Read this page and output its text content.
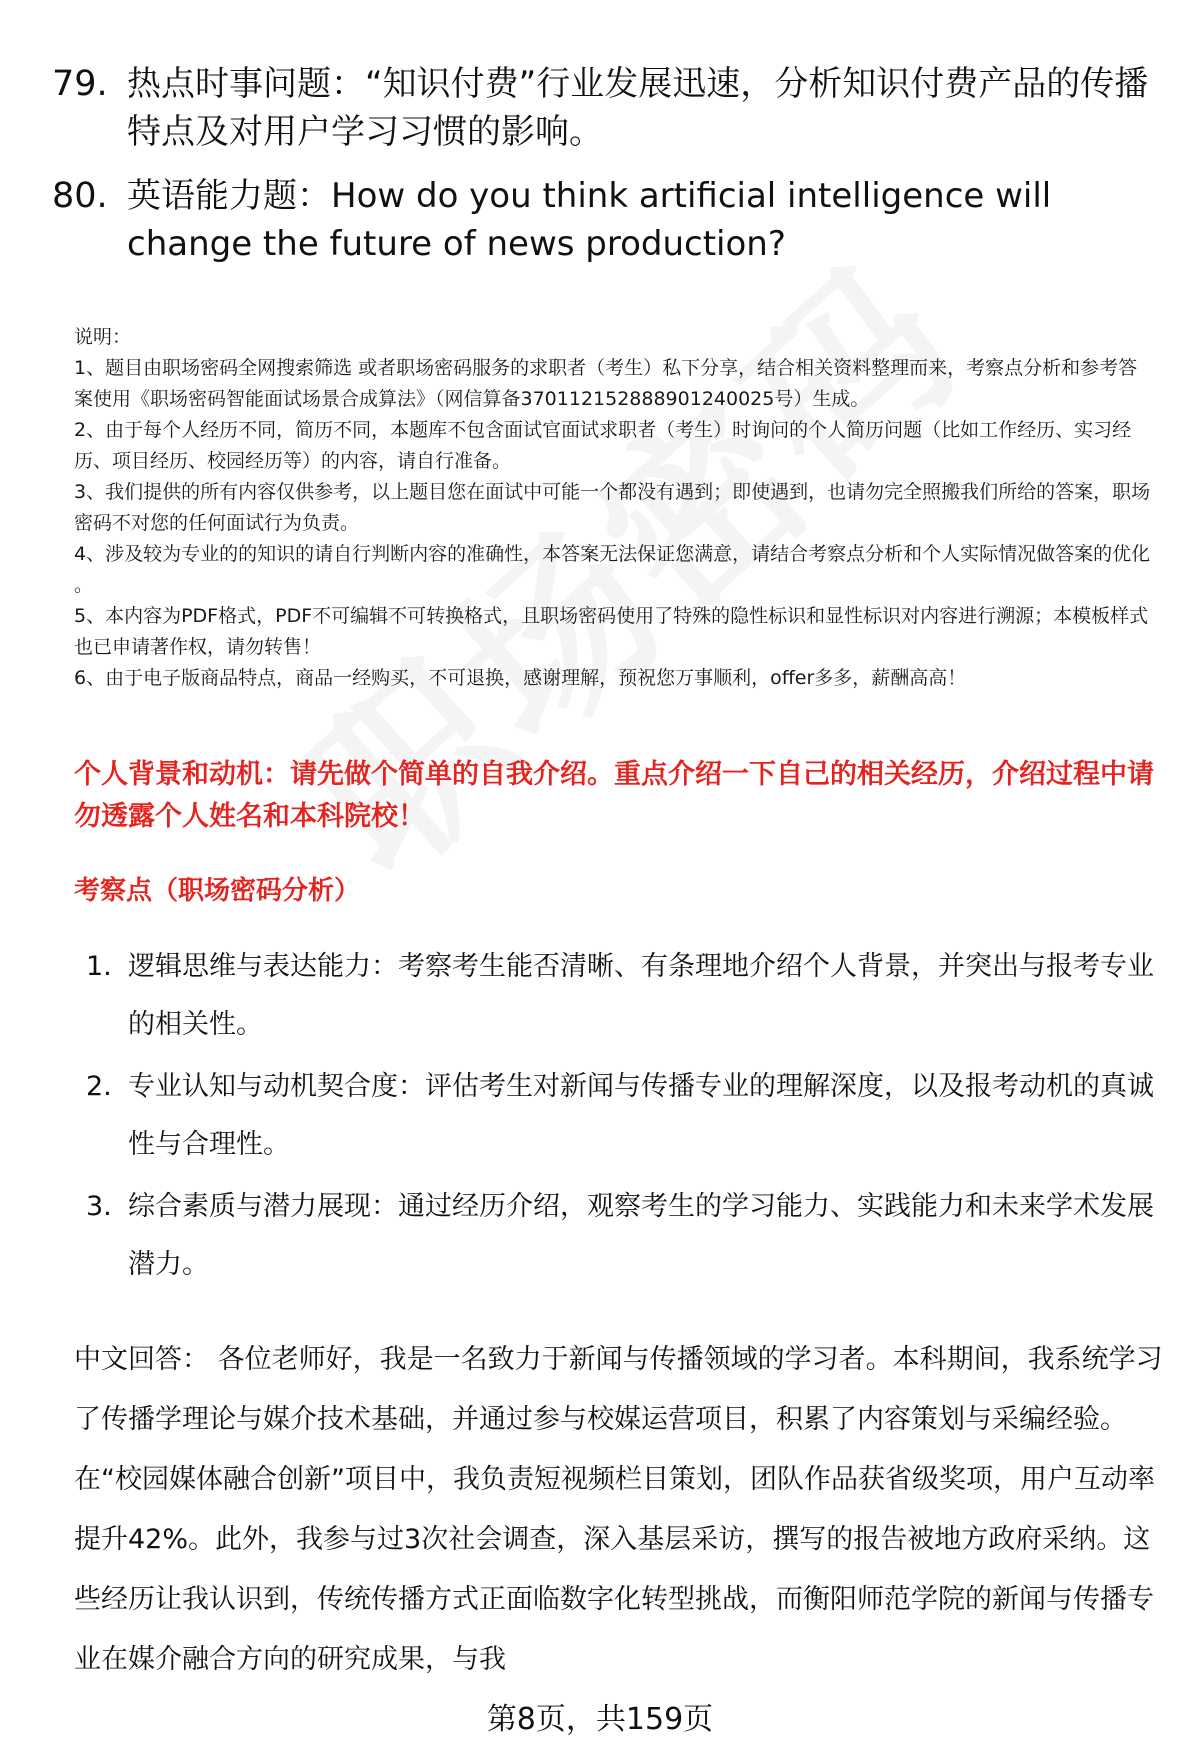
79. 热点时事问题：“知识付费”行业发展迅速，分析知识付费产品的传播特点及对用户学习习惯的影响。
80. 英语能力题：How do you think artificial intelligence will change the future of news production?

说明：

1、题目由职场密码全网搜索筛选 或者职场密码服务的求职者（考生）私下分享，结合相关资料整理而来，考察点分析和参考答案使用《职场密码智能面试场景合成算法》（网信算备370112152888901240025号）生成。

2、由于每个人经历不同，简历不同，本题库不包含面试官面试求职者（考生）时询问的个人简历问题（比如工作经历、实习经历、项目经历、校园经历等）的内容，请自行准备。

3、我们提供的所有内容仅供参考，以上题目您在面试中可能一个都没有遇到；即使遇到，也请勿完全照搬我们所给的答案，职场密码不对您的任何面试行为负责。

4、涉及较为专业的的知识的请自行判断内容的准确性，本答案无法保证您满意，请结合考察点分析和个人实际情况做答案的优化 。

5、本内容为PDF格式，PDF不可编辑不可转换格式，且职场密码使用了特殊的隐性标识和显性标识对内容进行溯源；本模板样式也已申请著作权，请勿转售！

6、由于电子版商品特点，商品一经购买，不可退换，感谢理解，预祝您万事顺利，offer多多，薪酬高高！

个人背景和动机：请先做个简单的自我介绍。重点介绍一下自己的相关经历，介绍过程中请勿透露个人姓名和本科院校！
考察点（职场密码分析）
1. 逻辑思维与表达能力：考察考生能否清晰、有条理地介绍个人背景，并突出与报考专业的相关性。
2. 专业认知与动机契合度：评估考生对新闻与传播专业的理解深度，以及报考动机的真诚性与合理性。
3. 综合素质与潜力展现：通过经历介绍，观察考生的学习能力、实践能力和未来学术发展潜力。
中文回答： 各位老师好，我是一名致力于新闻与传播领域的学习者。本科期间，我系统学习了传播学理论与媒介技术基础，并通过参与校媒运营项目，积累了内容策划与采编经验。在“校园媒体融合创新”项目中，我负责短视频栏目策划，团队作品获省级奖项，用户互动率提升42%。此外，我参与过3次社会调查，深入基层采访，撰写的报告被地方政府采纳。这些经历让我认识到，传统传播方式正面临数字化转型挑战，而衡阳师范学院的新闻与传播专业在媒介融合方向的研究成果，与我
第8页，共159页
